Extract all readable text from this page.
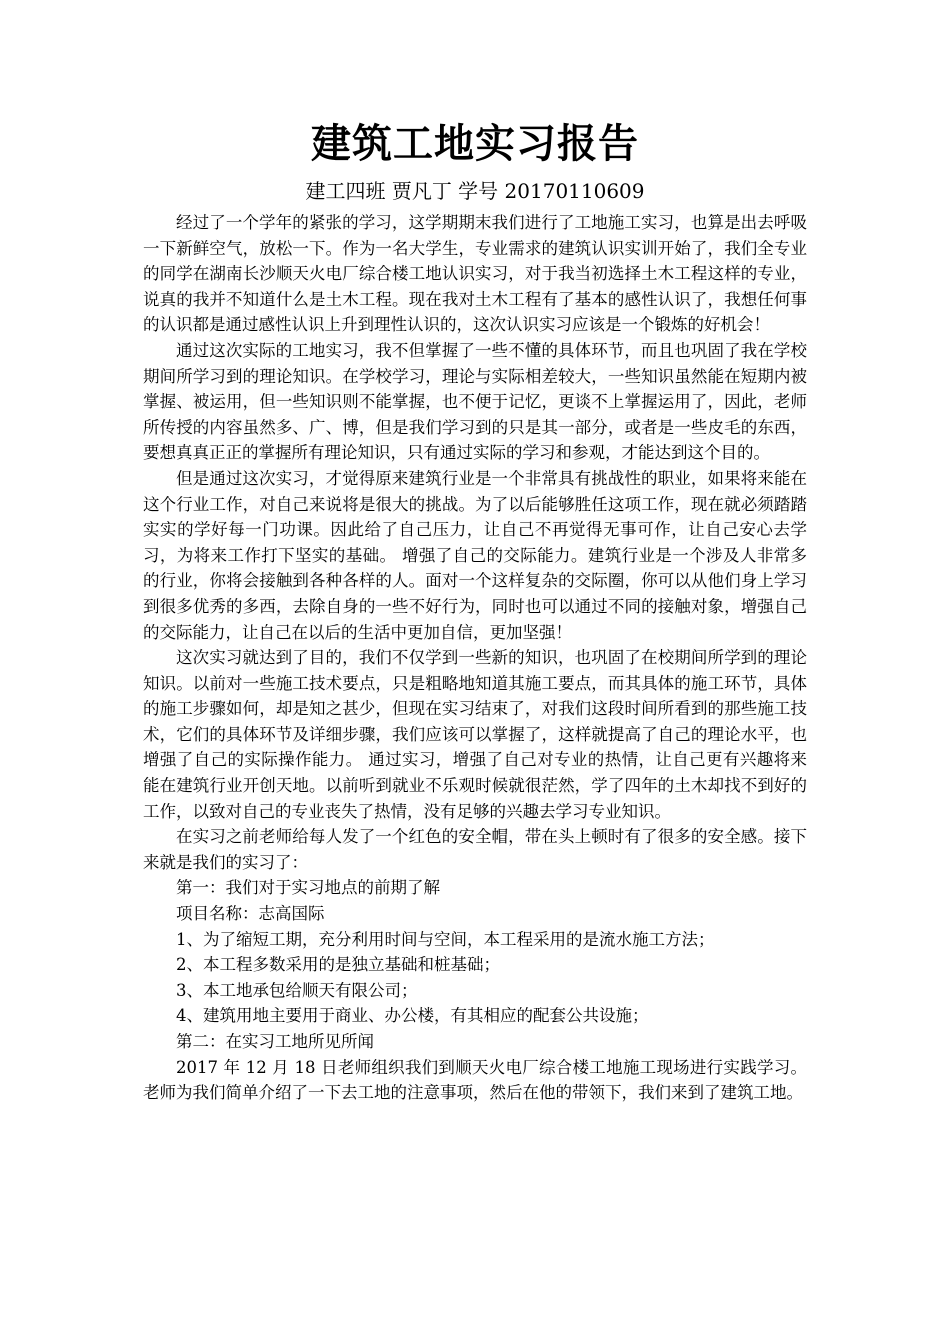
建筑工地实习报告
建工四班 贾凡丁 学号 20170110609

经过了一个学年的紧张的学习，这学期期末我们进行了工地施工实习，也算是出去呼吸一下新鲜空气，放松一下。作为一名大学生，专业需求的建筑认识实训开始了，我们全专业的同学在湖南长沙顺天火电厂综合楼工地认识实习，对于我当初选择土木工程这样的专业，说真的我并不知道什么是土木工程。现在我对土木工程有了基本的感性认识了，我想任何事的认识都是通过感性认识上升到理性认识的，这次认识实习应该是一个锻炼的好机会！

通过这次实际的工地实习，我不但掌握了一些不懂的具体环节，而且也巩固了我在学校期间所学习到的理论知识。在学校学习，理论与实际相差较大，一些知识虽然能在短期内被掌握、被运用，但一些知识则不能掌握，也不便于记忆，更谈不上掌握运用了，因此，老师所传授的内容虽然多、广、博，但是我们学习到的只是其一部分，或者是一些皮毛的东西，要想真真正正的掌握所有理论知识，只有通过实际的学习和参观，才能达到这个目的。

但是通过这次实习，才觉得原来建筑行业是一个非常具有挑战性的职业，如果将来能在这个行业工作，对自己来说将是很大的挑战。为了以后能够胜任这项工作，现在就必须踏踏实实的学好每一门功课。因此给了自己压力，让自己不再觉得无事可作，让自己安心去学习，为将来工作打下坚实的基础。 增强了自己的交际能力。建筑行业是一个涉及人非常多的行业，你将会接触到各种各样的人。面对一个这样复杂的交际圈，你可以从他们身上学习到很多优秀的多西，去除自身的一些不好行为，同时也可以通过不同的接触对象，增强自己的交际能力，让自己在以后的生活中更加自信，更加坚强！

这次实习就达到了目的，我们不仅学到一些新的知识，也巩固了在校期间所学到的理论知识。以前对一些施工技术要点，只是粗略地知道其施工要点，而其具体的施工环节，具体的施工步骤如何，却是知之甚少，但现在实习结束了，对我们这段时间所看到的那些施工技术，它们的具体环节及详细步骤，我们应该可以掌握了，这样就提高了自己的理论水平，也增强了自己的实际操作能力。 通过实习，增强了自己对专业的热情，让自己更有兴趣将来能在建筑行业开创天地。以前听到就业不乐观时候就很茫然，学了四年的土木却找不到好的工作，以致对自己的专业丧失了热情，没有足够的兴趣去学习专业知识。

在实习之前老师给每人发了一个红色的安全帽，带在头上顿时有了很多的安全感。接下来就是我们的实习了：

第一：我们对于实习地点的前期了解

项目名称：志高国际

1、为了缩短工期，充分利用时间与空间，本工程采用的是流水施工方法；

2、本工程多数采用的是独立基础和桩基础；

3、本工地承包给顺天有限公司；

4、建筑用地主要用于商业、办公楼，有其相应的配套公共设施；

第二：在实习工地所见所闻

2017 年 12 月 18 日老师组织我们到顺天火电厂综合楼工地施工现场进行实践学习。老师为我们简单介绍了一下去工地的注意事项，然后在他的带领下，我们来到了建筑工地。
